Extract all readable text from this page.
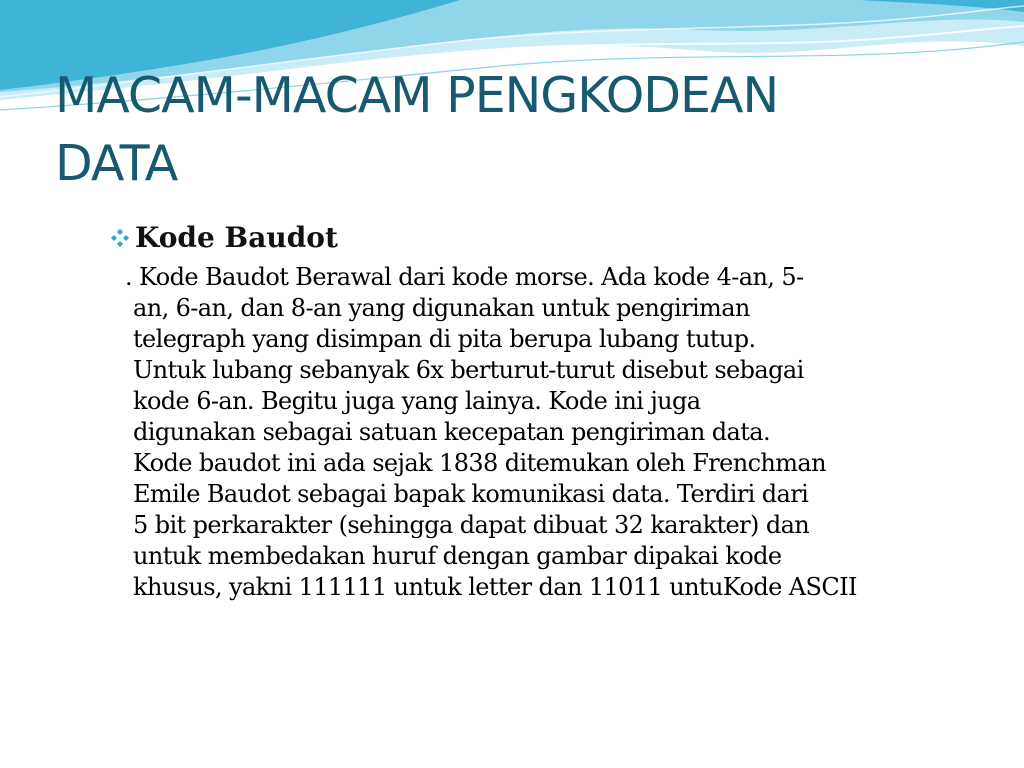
MACAM-MACAM PENGKODEAN
DATA
Kode Baudot
. Kode Baudot Berawal dari kode morse. Ada kode 4-an, 5-
an, 6-an, dan 8-an yang digunakan untuk pengiriman
telegraph yang disimpan di pita berupa lubang tutup.
Untuk lubang sebanyak 6x berturut-turut disebut sebagai
kode 6-an. Begitu juga yang lainya. Kode ini juga
digunakan sebagai satuan kecepatan pengiriman data.
Kode baudot ini ada sejak 1838 ditemukan oleh Frenchman
Emile Baudot sebagai bapak komunikasi data. Terdiri dari
5 bit perkarakter (sehingga dapat dibuat 32 karakter) dan
untuk membedakan huruf dengan gambar dipakai kode
khusus, yakni 111111 untuk letter dan 11011 untuKode ASCII
